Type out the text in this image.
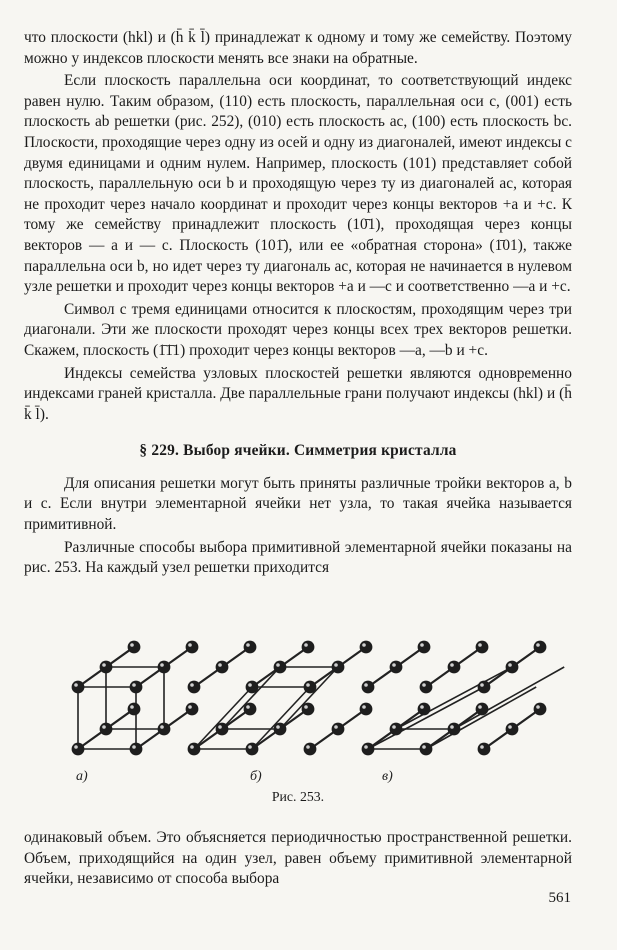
что плоскости (hkl) и (h̄ k̄ l̄) принадлежат к одному и тому же семейству. Поэтому можно у индексов плоскости менять все знаки на обратные.

Если плоскость параллельна оси координат, то соответствующий индекс равен нулю. Таким образом, (110) есть плоскость, параллельная оси c, (001) есть плоскость ab решетки (рис. 252), (010) есть плоскость ac, (100) есть плоскость bc. Плоскости, проходящие через одну из осей и одну из диагоналей, имеют индексы с двумя единицами и одним нулем. Например, плоскость (101) представляет собой плоскость, параллельную оси b и проходящую через ту из диагоналей ac, которая не проходит через начало координат и проходит через концы векторов +a и +c. К тому же семейству принадлежит плоскость (10̄1), проходящая через концы векторов — a и — c. Плоскость (101̄), или ее «обратная сторона» (1̄01), также параллельна оси b, но идет через ту диагональ ac, которая не начинается в нулевом узле решетки и проходит через концы векторов +a и —c и соответственно —a и +c.

Символ с тремя единицами относится к плоскостям, проходящим через три диагонали. Эти же плоскости проходят через концы всех трех векторов решетки. Скажем, плоскость (1̄1̄1) проходит через концы векторов —a, —b и +c.

Индексы семейства узловых плоскостей решетки являются одновременно индексами граней кристалла. Две параллельные грани получают индексы (hkl) и (h̄ k̄ l̄).

§ 229. Выбор ячейки. Симметрия кристалла

Для описания решетки могут быть приняты различные тройки векторов a, b и c. Если внутри элементарной ячейки нет узла, то такая ячейка называется примитивной.

Различные способы выбора примитивной элементарной ячейки показаны на рис. 253. На каждый узел решетки приходится

а)	б)	в)
Рис. 253.

одинаковый объем. Это объясняется периодичностью пространственной решетки. Объем, приходящийся на один узел, равен объему примитивной элементарной ячейки, независимо от способа выбора

561
